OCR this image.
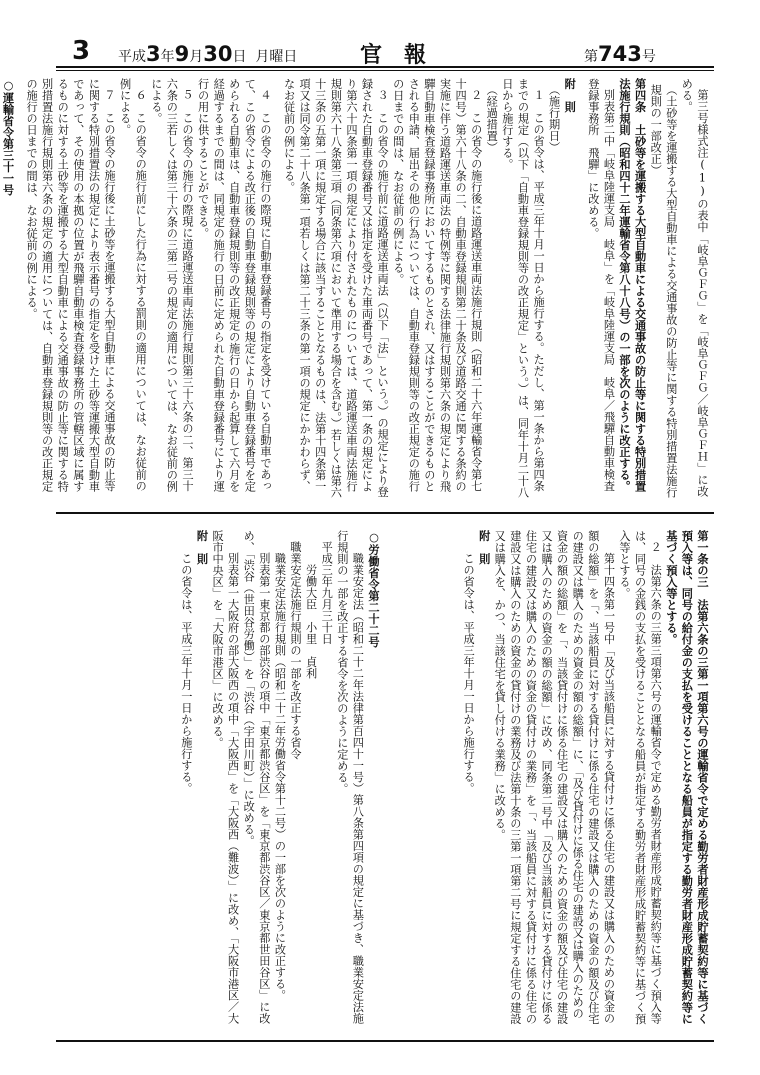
3 平成3年9月30日 月曜日	官報	第743号

第三号様式注(1)の表中「岐阜ＧＦＧ」を「岐阜ＧＦＧ／岐阜ＧＦＨ」に改める。

（土砂等を運搬する大型自動車による交通事故の防止等に関する特別措置法施行規則の一部改正）

第四条　土砂等を運搬する大型自動車による交通事故の防止等に関する特別措置法施行規則（昭和四十二年運輸省令第八十八号）の一部を次のように改正する。

別表第二中「岐阜陸運支局　岐阜」を「岐阜陸運支局　岐阜／飛驒自動車検査登録事務所　飛驒」に改める。

附　則

（施行期日）

１　この省令は、平成三年十月一日から施行する。ただし、第一条から第四条までの規定（以下「自動車登録規則等の改正規定」という。）は、同年十月二十八日から施行する。

（経過措置）

２　この省令の施行後に道路運送車両法施行規則（昭和二十六年運輸省令第七十四号）第六十八条の二、自動車登録規則第二十条及び道路交通に関する条約の実施に伴う道路運送車両法の特例等に関する法律施行規則第六条の規定により飛驒自動車検査登録事務所においてするものとされ、又はすることができるものとされる申請、届出その他の行為については、自動車登録規則等の改正規定の施行の日までの間は、なお従前の例による。

３　この省令の施行前に道路運送車両法（以下「法」という。）の規定により登録された自動車登録番号又は指定を受けた車両番号であって、第一条の規定により第六十四条第一項の規定により付されたものについては、道路運送車両法施行規則第六十八条第三項（同条第六項において準用する場合を含む。）若しくは第六十三条の五第一項に規定する場合に該当することとなるものは、法第十四条第一項又は同令第二十八条第一項若しくは第二十三条の第一項の規定にかかわらず、なお従前の例による。

４　この省令の施行の際現に自動車登録番号の指定を受けている自動車であって、この省令による改正後の自動車登録規則等の規定により自動車登録番号を定められる自動車は、自動車登録規則等の改正規定の施行の日から起算して六月を経過するまでの間は、同規定の施行の日前に定められた自動車登録番号により運行の用に供することができる。

５　この省令の施行の際現に道路運送車両法施行規則第三十六条の二、第三十六条の三若しくは第三十六条の三第二号の規定の適用については、なお従前の例による。

６　この省令の施行前にした行為に対する罰則の適用については、なお従前の例による。

７　この省令の施行後に土砂等を運搬する大型自動車による交通事故の防止等に関する特別措置法の規定により表示番号の指定を受けた土砂等運搬大型自動車であって、その使用の本拠の位置が飛驒自動車検査登録事務所の管轄区域に属するものに対する土砂等を運搬する大型自動車による交通事故の防止等に関する特別措置法施行規則第六条の規定の適用については、自動車登録規則等の改正規定の施行の日までの間は、なお従前の例による。

○運輸省令第三十一号

第一条の三　法第六条の三第一項第六号の運輸省令で定める勤労者財産形成貯蓄契約等に基づく預入等は、同号の給付金の支払を受けることとなる船員が指定する勤労者財産形成貯蓄契約等に基づく預入等とする。

２　法第六条の三第三項第六号の運輸省令で定める勤労者財産形成貯蓄契約等に基づく預入等は、同号の金銭の支払を受けることとなる船員が指定する勤労者財産形成貯蓄契約等に基づく預入等とする。

　第十四条第一号中「及び当該船員に対する貸付けに係る住宅の建設又は購入のための資金の額の総額」を「、当該船員に対する貸付けに係る住宅の建設又は購入のための資金の額及び住宅の建設又は購入のための資金の額の総額」に、「及び貸付けに係る住宅の建設又は購入のための資金の額の総額」を「、当該貸付けに係る住宅の建設又は購入のための資金の額及び住宅の建設又は購入のための資金の額の総額」に改め、同条第二号中「及び当該船員に対する貸付けに係る住宅の建設又は購入のための資金の貸付けの業務」を「、当該船員に対する貸付けに係る住宅の建設又は購入のための資金の貸付けの業務及び法第十条の三第一項第二号に規定する住宅の建設又は購入を、かつ、当該住宅を貸し付ける業務」に改める。

附　則

　この省令は、平成三年十月一日から施行する。

○労働省令第二十二号

　職業安定法（昭和二十二年法律第百四十一号）第八条第四項の規定に基づき、職業安定法施行規則の一部を改正する省令を次のように定める。

平成三年九月三十日

労働大臣　小里　貞利

職業安定法施行規則の一部を改正する省令

　職業安定法施行規則（昭和二十二年労働省令第十二号）の一部を次のように改正する。

　別表第一東京都の部渋谷の項中「東京都渋谷区」を「東京都渋谷区／東京都世田谷区」に改め、「渋谷（世田谷労働）」を「渋谷（宇田川町）」に改める。

　別表第一大阪府の部大阪西の項中「大阪西」を「大阪西（難波）」に改め、「大阪市港区／大阪市中央区」を「大阪市港区」に改める。

附　則

　この省令は、平成三年十月一日から施行する。
